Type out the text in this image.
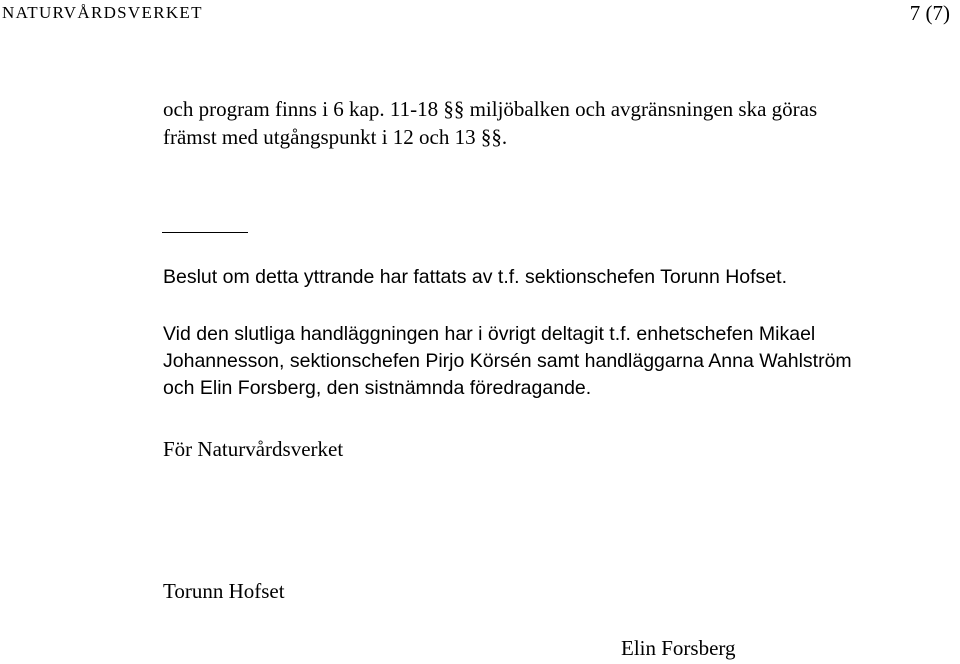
NATURVÅRDSVERKET	7 (7)
och program finns i 6 kap. 11-18 §§ miljöbalken och avgränsningen ska göras
främst med utgångspunkt i 12 och 13 §§.
Beslut om detta yttrande har fattats av t.f. sektionschefen Torunn Hofset.
Vid den slutliga handläggningen har i övrigt deltagit t.f. enhetschefen Mikael
Johannesson, sektionschefen Pirjo Körsén samt handläggarna Anna Wahlström
och Elin Forsberg, den sistnämnda föredragande.
För Naturvårdsverket
Torunn Hofset
Elin Forsberg
